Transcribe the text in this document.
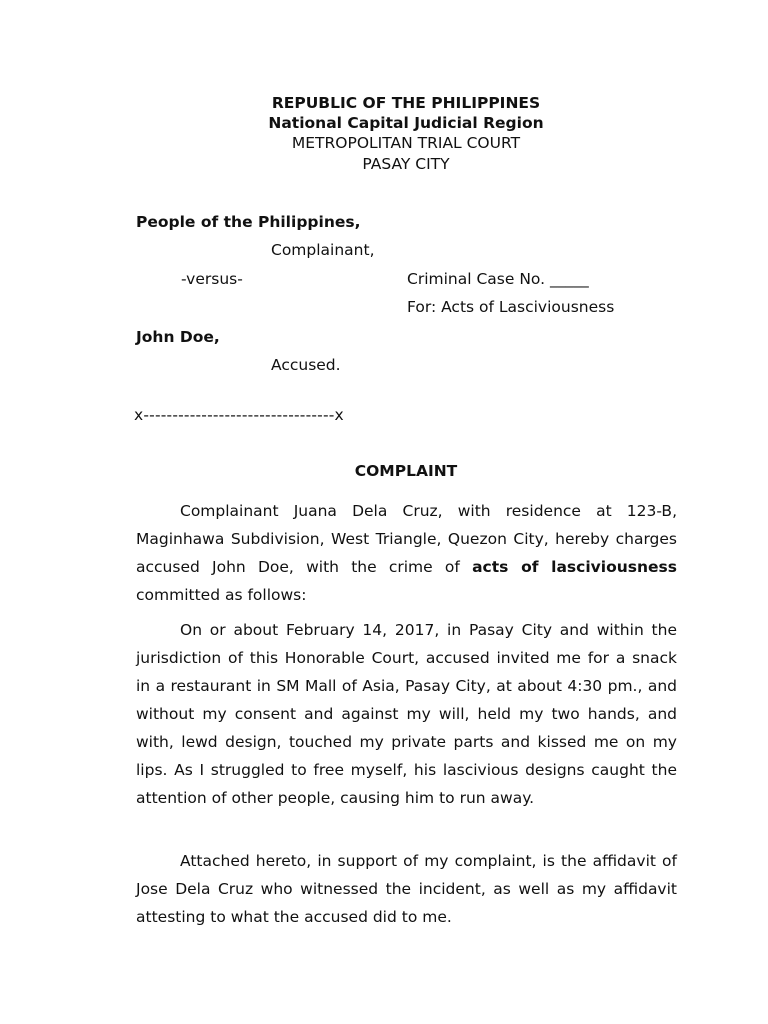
REPUBLIC OF THE PHILIPPINES
National Capital Judicial Region
METROPOLITAN TRIAL COURT
PASAY CITY
People of the Philippines,
Complainant,
-versus-	Criminal Case No. _____
For: Acts of Lasciviousness
John Doe,
Accused.
x---------------------------------x
COMPLAINT
Complainant Juana Dela Cruz, with residence at 123-B, Maginhawa Subdivision, West Triangle, Quezon City, hereby charges accused John Doe, with the crime of acts of lasciviousness committed as follows:
On or about February 14, 2017, in Pasay City and within the jurisdiction of this Honorable Court, accused invited me for a snack in a restaurant in SM Mall of Asia, Pasay City, at about 4:30 pm., and without my consent and against my will, held my two hands, and with, lewd design, touched my private parts and kissed me on my lips. As I struggled to free myself, his lascivious designs caught the attention of other people, causing him to run away.
Attached hereto, in support of my complaint, is the affidavit of Jose Dela Cruz who witnessed the incident, as well as my affidavit attesting to what the accused did to me.
